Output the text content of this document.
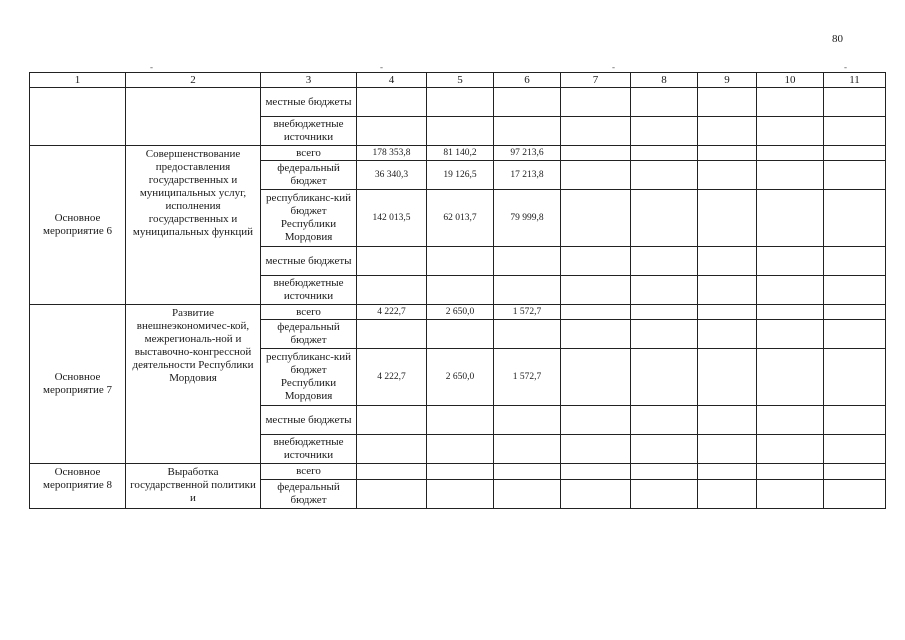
80
-	-	-	-
1	2	3	4	5	6	7	8	9	10	11
		местные бюджеты								
		внебюджетные источники								
Основное мероприятие 6	Совершенствование предоставления государственных и муниципальных услуг, исполнения государственных и муниципальных функций	всего	178 353,8	81 140,2	97 213,6					
		федеральный бюджет	36 340,3	19 126,5	17 213,8					
		республиканс-кий бюджет Республики Мордовия	142 013,5	62 013,7	79 999,8					
		местные бюджеты								
		внебюджетные источники								
Основное мероприятие 7	Развитие внешнеэкономичес-кой, межрегиональ-ной и выставочно-конгрессной деятельности Республики Мордовия	всего	4 222,7	2 650,0	1 572,7					
		федеральный бюджет								
		республиканс-кий бюджет Республики Мордовия	4 222,7	2 650,0	1 572,7					
		местные бюджеты								
		внебюджетные источники								
Основное мероприятие 8	Выработка государственной политики и	всего								
		федеральный бюджет								
